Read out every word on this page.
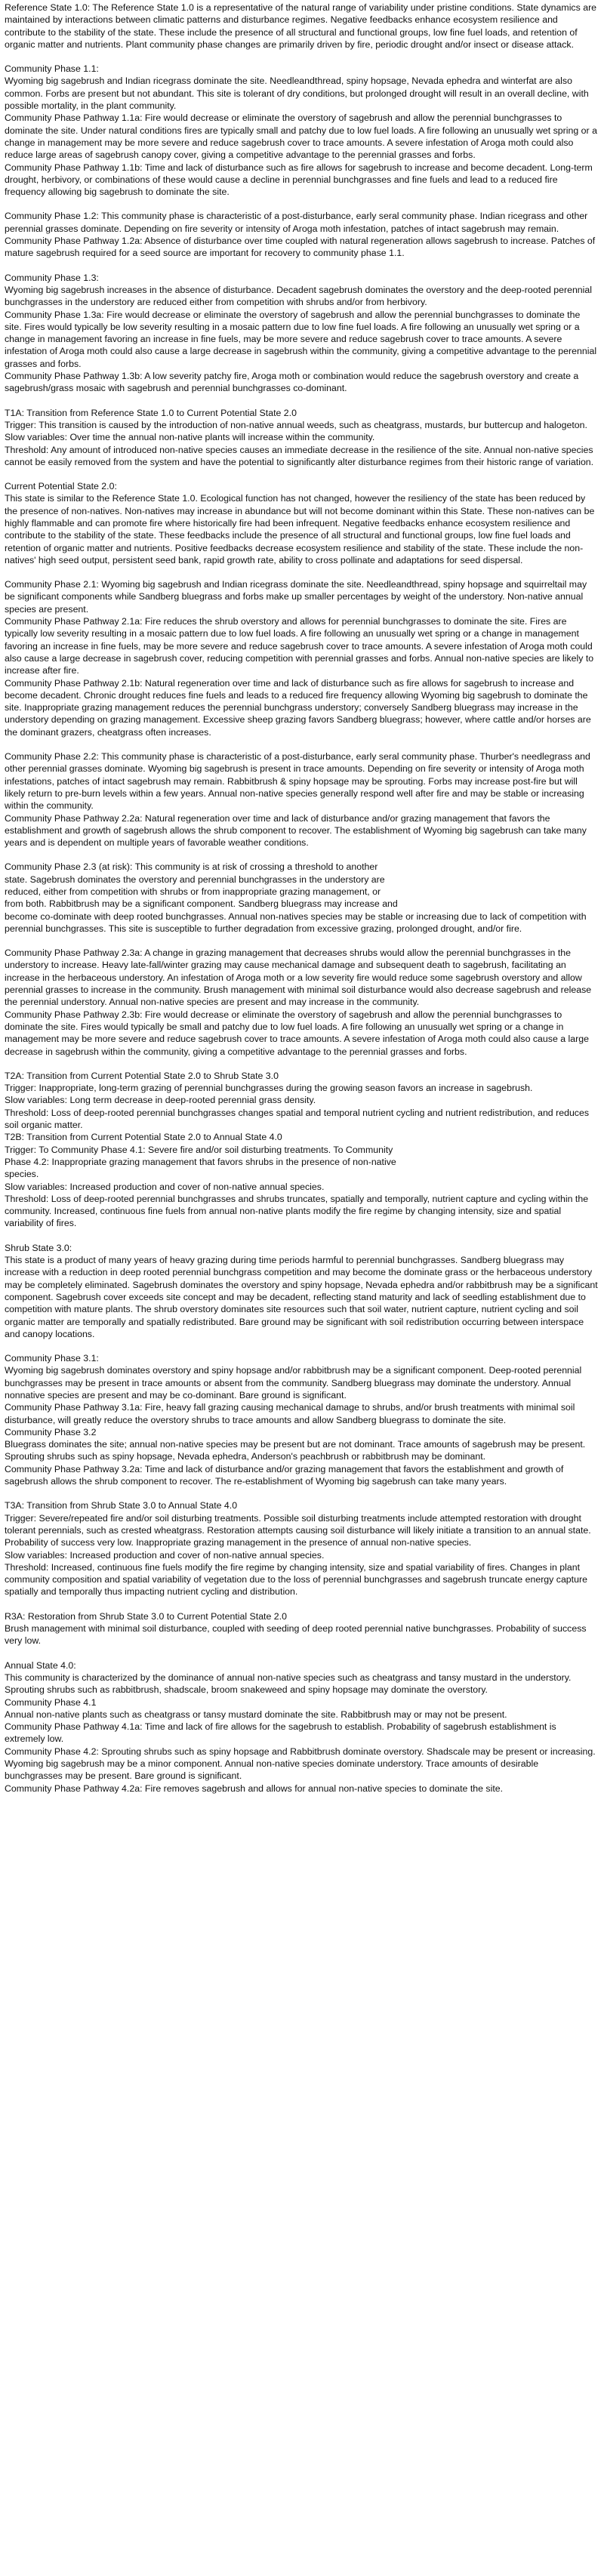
Reference State 1.0: The Reference State 1.0 is a representative of the natural range of variability under pristine conditions. State dynamics are maintained by interactions between climatic patterns and disturbance regimes. Negative feedbacks enhance ecosystem resilience and contribute to the stability of the state. These include the presence of all structural and functional groups, low fine fuel loads, and retention of organic matter and nutrients. Plant community phase changes are primarily driven by fire, periodic drought and/or insect or disease attack.
Community Phase 1.1:
Wyoming big sagebrush and Indian ricegrass dominate the site. Needleandthread, spiny hopsage, Nevada ephedra and winterfat are also common. Forbs are present but not abundant. This site is tolerant of dry conditions, but prolonged drought will result in an overall decline, with possible mortality, in the plant community.
Community Phase Pathway 1.1a: Fire would decrease or eliminate the overstory of sagebrush and allow the perennial bunchgrasses to dominate the site. Under natural conditions fires are typically small and patchy due to low fuel loads. A fire following an unusually wet spring or a change in management may be more severe and reduce sagebrush cover to trace amounts. A severe infestation of Aroga moth could also reduce large areas of sagebrush canopy cover, giving a competitive advantage to the perennial grasses and forbs.
Community Phase Pathway 1.1b: Time and lack of disturbance such as fire allows for sagebrush to increase and become decadent. Long-term drought, herbivory, or combinations of these would cause a decline in perennial bunchgrasses and fine fuels and lead to a reduced fire frequency allowing big sagebrush to dominate the site.
Community Phase 1.2: This community phase is characteristic of a post-disturbance, early seral community phase. Indian ricegrass and other perennial grasses dominate. Depending on fire severity or intensity of Aroga moth infestation, patches of intact sagebrush may remain.
Community Phase Pathway 1.2a: Absence of disturbance over time coupled with natural regeneration allows sagebrush to increase. Patches of mature sagebrush required for a seed source are important for recovery to community phase 1.1.
Community Phase 1.3:
Wyoming big sagebrush increases in the absence of disturbance. Decadent sagebrush dominates the overstory and the deep-rooted perennial bunchgrasses in the understory are reduced either from competition with shrubs and/or from herbivory.
Community Phase 1.3a: Fire would decrease or eliminate the overstory of sagebrush and allow the perennial bunchgrasses to dominate the site. Fires would typically be low severity resulting in a mosaic pattern due to low fine fuel loads. A fire following an unusually wet spring or a change in management favoring an increase in fine fuels, may be more severe and reduce sagebrush cover to trace amounts. A severe infestation of Aroga moth could also cause a large decrease in sagebrush within the community, giving a competitive advantage to the perennial grasses and forbs.
Community Phase Pathway 1.3b: A low severity patchy fire, Aroga moth or combination would reduce the sagebrush overstory and create a sagebrush/grass mosaic with sagebrush and perennial bunchgrasses co-dominant.
T1A: Transition from Reference State 1.0 to Current Potential State 2.0
Trigger: This transition is caused by the introduction of non-native annual weeds, such as cheatgrass, mustards, bur buttercup and halogeton.
Slow variables: Over time the annual non-native plants will increase within the community.
Threshold: Any amount of introduced non-native species causes an immediate decrease in the resilience of the site. Annual non-native species cannot be easily removed from the system and have the potential to significantly alter disturbance regimes from their historic range of variation.
Current Potential State 2.0:
This state is similar to the Reference State 1.0. Ecological function has not changed, however the resiliency of the state has been reduced by the presence of non-natives. Non-natives may increase in abundance but will not become dominant within this State. These non-natives can be highly flammable and can promote fire where historically fire had been infrequent. Negative feedbacks enhance ecosystem resilience and contribute to the stability of the state. These feedbacks include the presence of all structural and functional groups, low fine fuel loads and retention of organic matter and nutrients. Positive feedbacks decrease ecosystem resilience and stability of the state. These include the non-natives' high seed output, persistent seed bank, rapid growth rate, ability to cross pollinate and adaptations for seed dispersal.
Community Phase 2.1: Wyoming big sagebrush and Indian ricegrass dominate the site. Needleandthread, spiny hopsage and squirreltail may be significant components while Sandberg bluegrass and forbs make up smaller percentages by weight of the understory. Non-native annual species are present.
Community Phase Pathway 2.1a: Fire reduces the shrub overstory and allows for perennial bunchgrasses to dominate the site. Fires are typically low severity resulting in a mosaic pattern due to low fuel loads. A fire following an unusually wet spring or a change in management favoring an increase in fine fuels, may be more severe and reduce sagebrush cover to trace amounts. A severe infestation of Aroga moth could also cause a large decrease in sagebrush cover, reducing competition with perennial grasses and forbs. Annual non-native species are likely to increase after fire.
Community Phase Pathway 2.1b: Natural regeneration over time and lack of disturbance such as fire allows for sagebrush to increase and become decadent. Chronic drought reduces fine fuels and leads to a reduced fire frequency allowing Wyoming big sagebrush to dominate the site. Inappropriate grazing management reduces the perennial bunchgrass understory; conversely Sandberg bluegrass may increase in the understory depending on grazing management. Excessive sheep grazing favors Sandberg bluegrass; however, where cattle and/or horses are the dominant grazers, cheatgrass often increases.
Community Phase 2.2: This community phase is characteristic of a post-disturbance, early seral community phase. Thurber's needlegrass and other perennial grasses dominate. Wyoming big sagebrush is present in trace amounts. Depending on fire severity or intensity of Aroga moth infestations, patches of intact sagebrush may remain. Rabbitbrush & spiny hopsage may be sprouting. Forbs may increase post-fire but will likely return to pre-burn levels within a few years. Annual non-native species generally respond well after fire and may be stable or increasing within the community.
Community Phase Pathway 2.2a: Natural regeneration over time and lack of disturbance and/or grazing management that favors the establishment and growth of sagebrush allows the shrub component to recover. The establishment of Wyoming big sagebrush can take many years and is dependent on multiple years of favorable weather conditions.
Community Phase 2.3 (at risk): This community is at risk of crossing a threshold to another
state. Sagebrush dominates the overstory and perennial bunchgrasses in the understory are
reduced, either from competition with shrubs or from inappropriate grazing management, or
from both. Rabbitbrush may be a significant component. Sandberg bluegrass may increase and
become co-dominate with deep rooted bunchgrasses. Annual non-natives species may be stable or increasing due to lack of competition with perennial bunchgrasses. This site is susceptible to further degradation from excessive grazing, prolonged drought, and/or fire.
Community Phase Pathway 2.3a: A change in grazing management that decreases shrubs would allow the perennial bunchgrasses in the understory to increase. Heavy late-fall/winter grazing may cause mechanical damage and subsequent death to sagebrush, facilitating an increase in the herbaceous understory. An infestation of Aroga moth or a low severity fire would reduce some sagebrush overstory and allow perennial grasses to increase in the community. Brush management with minimal soil disturbance would also decrease sagebrush and release the perennial understory. Annual non-native species are present and may increase in the community.
Community Phase Pathway 2.3b: Fire would decrease or eliminate the overstory of sagebrush and allow the perennial bunchgrasses to dominate the site. Fires would typically be small and patchy due to low fuel loads. A fire following an unusually wet spring or a change in management may be more severe and reduce sagebrush cover to trace amounts. A severe infestation of Aroga moth could also cause a large decrease in sagebrush within the community, giving a competitive advantage to the perennial grasses and forbs.
T2A: Transition from Current Potential State 2.0 to Shrub State 3.0
Trigger: Inappropriate, long-term grazing of perennial bunchgrasses during the growing season favors an increase in sagebrush.
Slow variables: Long term decrease in deep-rooted perennial grass density.
Threshold: Loss of deep-rooted perennial bunchgrasses changes spatial and temporal nutrient cycling and nutrient redistribution, and reduces soil organic matter.
T2B: Transition from Current Potential State 2.0 to Annual State 4.0
Trigger: To Community Phase 4.1: Severe fire and/or soil disturbing treatments. To Community
Phase 4.2: Inappropriate grazing management that favors shrubs in the presence of non-native
species.
Slow variables: Increased production and cover of non-native annual species.
Threshold: Loss of deep-rooted perennial bunchgrasses and shrubs truncates, spatially and temporally, nutrient capture and cycling within the community. Increased, continuous fine fuels from annual non-native plants modify the fire regime by changing intensity, size and spatial variability of fires.
Shrub State 3.0:
This state is a product of many years of heavy grazing during time periods harmful to perennial bunchgrasses. Sandberg bluegrass may increase with a reduction in deep rooted perennial bunchgrass competition and may become the dominate grass or the herbaceous understory may be completely eliminated. Sagebrush dominates the overstory and spiny hopsage, Nevada ephedra and/or rabbitbrush may be a significant component. Sagebrush cover exceeds site concept and may be decadent, reflecting stand maturity and lack of seedling establishment due to competition with mature plants. The shrub overstory dominates site resources such that soil water, nutrient capture, nutrient cycling and soil organic matter are temporally and spatially redistributed. Bare ground may be significant with soil redistribution occurring between interspace and canopy locations.
Community Phase 3.1:
Wyoming big sagebrush dominates overstory and spiny hopsage and/or rabbitbrush may be a significant component. Deep-rooted perennial bunchgrasses may be present in trace amounts or absent from the community. Sandberg bluegrass may dominate the understory. Annual nonnative species are present and may be co-dominant. Bare ground is significant.
Community Phase Pathway 3.1a: Fire, heavy fall grazing causing mechanical damage to shrubs, and/or brush treatments with minimal soil disturbance, will greatly reduce the overstory shrubs to trace amounts and allow Sandberg bluegrass to dominate the site.
Community Phase 3.2
Bluegrass dominates the site; annual non-native species may be present but are not dominant. Trace amounts of sagebrush may be present. Sprouting shrubs such as spiny hopsage, Nevada ephedra, Anderson's peachbrush or rabbitbrush may be dominant.
Community Phase Pathway 3.2a: Time and lack of disturbance and/or grazing management that favors the establishment and growth of sagebrush allows the shrub component to recover. The re-establishment of Wyoming big sagebrush can take many years.
T3A: Transition from Shrub State 3.0 to Annual State 4.0
Trigger: Severe/repeated fire and/or soil disturbing treatments. Possible soil disturbing treatments include attempted restoration with drought tolerant perennials, such as crested wheatgrass. Restoration attempts causing soil disturbance will likely initiate a transition to an annual state. Probability of success very low. Inappropriate grazing management in the presence of annual non-native species.
Slow variables: Increased production and cover of non-native annual species.
Threshold: Increased, continuous fine fuels modify the fire regime by changing intensity, size and spatial variability of fires. Changes in plant community composition and spatial variability of vegetation due to the loss of perennial bunchgrasses and sagebrush truncate energy capture spatially and temporally thus impacting nutrient cycling and distribution.
R3A: Restoration from Shrub State 3.0 to Current Potential State 2.0
Brush management with minimal soil disturbance, coupled with seeding of deep rooted perennial native bunchgrasses. Probability of success very low.
Annual State 4.0:
This community is characterized by the dominance of annual non-native species such as cheatgrass and tansy mustard in the understory. Sprouting shrubs such as rabbitbrush, shadscale, broom snakeweed and spiny hopsage may dominate the overstory.
Community Phase 4.1
Annual non-native plants such as cheatgrass or tansy mustard dominate the site. Rabbitbrush may or may not be present.
Community Phase Pathway 4.1a: Time and lack of fire allows for the sagebrush to establish. Probability of sagebrush establishment is extremely low.
Community Phase 4.2: Sprouting shrubs such as spiny hopsage and Rabbitbrush dominate overstory. Shadscale may be present or increasing. Wyoming big sagebrush may be a minor component. Annual non-native species dominate understory. Trace amounts of desirable bunchgrasses may be present. Bare ground is significant.
Community Phase Pathway 4.2a: Fire removes sagebrush and allows for annual non-native species to dominate the site.
